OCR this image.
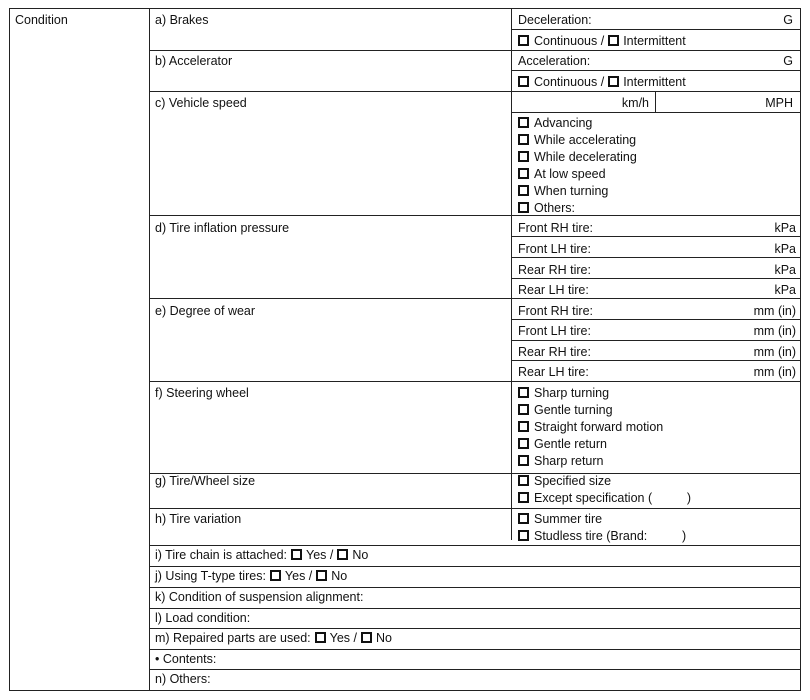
Condition	a) Brakes	Deceleration:	G
Continuous / Intermittent
b) Accelerator	Acceleration:	G
Continuous / Intermittent
c) Vehicle speed	km/h	MPH
Advancing
While accelerating
While decelerating
At low speed
When turning
Others:
d) Tire inflation pressure	Front RH tire:	kPa
Front LH tire:	kPa
Rear RH tire:	kPa
Rear LH tire:	kPa
e) Degree of wear	Front RH tire:	mm (in)
Front LH tire:	mm (in)
Rear RH tire:	mm (in)
Rear LH tire:	mm (in)
f) Steering wheel	Sharp turning
Gentle turning
Straight forward motion
Gentle return
Sharp return
g) Tire/Wheel size	Specified size
Except specification (          )
h) Tire variation	Summer tire
Studless tire (Brand:          )
i) Tire chain is attached: Yes / No
j) Using T-type tires: Yes / No
k) Condition of suspension alignment:
l) Load condition:
m) Repaired parts are used: Yes / No
• Contents:
n) Others:
